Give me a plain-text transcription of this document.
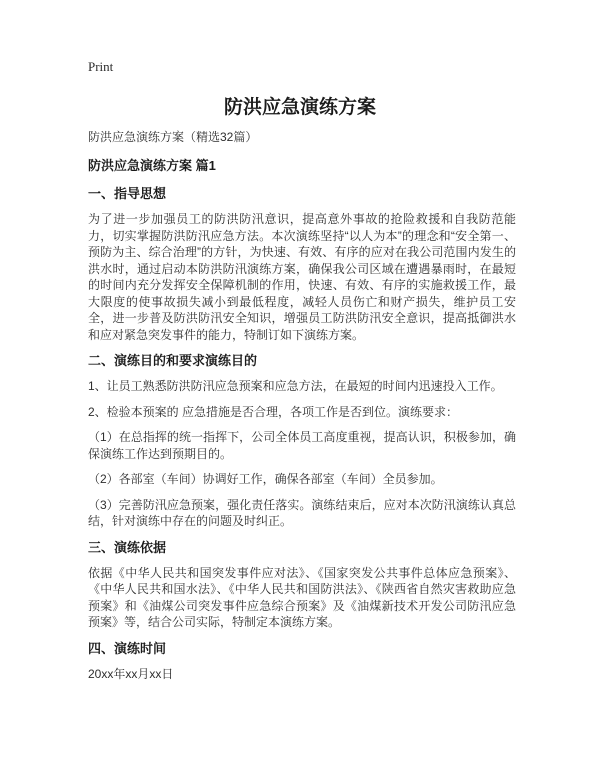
Print
防洪应急演练方案

防洪应急演练方案（精选32篇）

防洪应急演练方案 篇1
一、指导思想

为了进一步加强员工的防洪防汛意识，提高意外事故的抢险救援和自我防范能力，切实掌握防洪防汛应急方法。本次演练坚持“以人为本”的理念和“安全第一、预防为主、综合治理”的方针，为快速、有效、有序的应对在我公司范围内发生的洪水时，通过启动本防洪防汛演练方案，确保我公司区域在遭遇暴雨时，在最短的时间内充分发挥安全保障机制的作用，快速、有效、有序的实施救援工作，最大限度的使事故损失减小到最低程度，减轻人员伤亡和财产损失，维护员工安全，进一步普及防洪防汛安全知识，增强员工防洪防汛安全意识，提高抵御洪水和应对紧急突发事件的能力，特制订如下演练方案。

二、演练目的和要求演练目的

1、让员工熟悉防洪防汛应急预案和应急方法，在最短的时间内迅速投入工作。

2、检验本预案的 应急措施是否合理，各项工作是否到位。演练要求：

（1）在总指挥的统一指挥下，公司全体员工高度重视，提高认识，积极参加，确保演练工作达到预期目的。

（2）各部室（车间）协调好工作，确保各部室（车间）全员参加。

（3）完善防汛应急预案，强化责任落实。演练结束后，应对本次防汛演练认真总结，针对演练中存在的问题及时纠正。

三、演练依据

依据《中华人民共和国突发事件应对法》、《国家突发公共事件总体应急预案》、《中华人民共和国水法》、《中华人民共和国防洪法》、《陕西省自然灾害救助应急预案》和《油煤公司突发事件应急综合预案》及《油煤新技术开发公司防汛应急预案》等，结合公司实际，特制定本演练方案。

四、演练时间

20xx年xx月xx日
